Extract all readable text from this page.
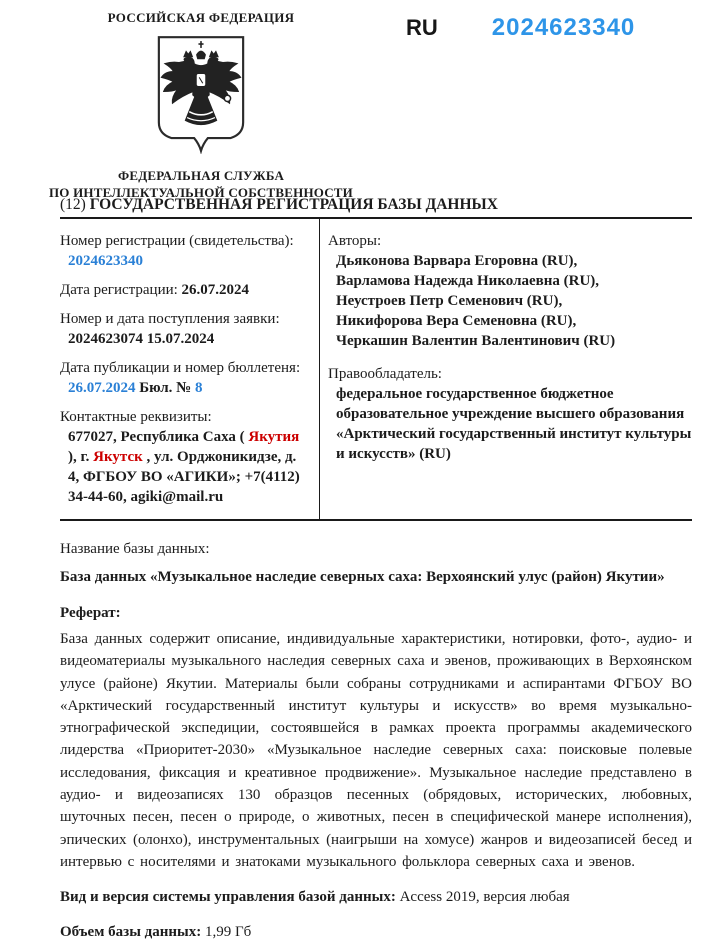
РОССИЙСКАЯ ФЕДЕРАЦИЯ
ФЕДЕРАЛЬНАЯ СЛУЖБА
ПО ИНТЕЛЛЕКТУАЛЬНОЙ СОБСТВЕННОСТИ
RU 2024623340
(12) ГОСУДАРСТВЕННАЯ РЕГИСТРАЦИЯ БАЗЫ ДАННЫХ
Номер регистрации (свидетельства):
2024623340
Дата регистрации: 26.07.2024
Номер и дата поступления заявки:
2024623074 15.07.2024
Дата публикации и номер бюллетеня:
26.07.2024 Бюл. № 8
Контактные реквизиты:
677027, Республика Саха ( Якутия ), г. Якутск , ул. Орджоникидзе, д. 4, ФГБОУ ВО «АГИКИ»; +7(4112) 34-44-60, agiki@mail.ru
Авторы:
Дьяконова Варвара Егоровна (RU),
Варламова Надежда Николаевна (RU),
Неустроев Петр Семенович (RU),
Никифорова Вера Семеновна (RU),
Черкашин Валентин Валентинович (RU)
Правообладатель:
федеральное государственное бюджетное образовательное учреждение высшего образования «Арктический государственный институт культуры и искусств» (RU)
Название базы данных:
База данных «Музыкальное наследие северных саха: Верхоянский улус (район) Якутии»
Реферат:
База данных содержит описание, индивидуальные характеристики, нотировки, фото-, аудио- и видеоматериалы музыкального наследия северных саха и эвенов, проживающих в Верхоянском улусе (районе) Якутии. Материалы были собраны сотрудниками и аспирантами ФГБОУ ВО «Арктический государственный институт культуры и искусств» во время музыкально-этнографической экспедиции, состоявшейся в рамках проекта программы академического лидерства «Приоритет-2030» «Музыкальное наследие северных саха: поисковые полевые исследования, фиксация и креативное продвижение». Музыкальное наследие представлено в аудио- и видеозаписях 130 образцов песенных (обрядовых, исторических, любовных, шуточных песен, песен о природе, о животных, песен в специфической манере исполнения), эпических (олонхо), инструментальных (наигрыши на хомусе) жанров и видеозаписей бесед и интервью с носителями и знатоками музыкального фольклора северных саха и эвенов.
Вид и версия системы управления базой данных: Access 2019, версия любая
Объем базы данных: 1,99 Гб
